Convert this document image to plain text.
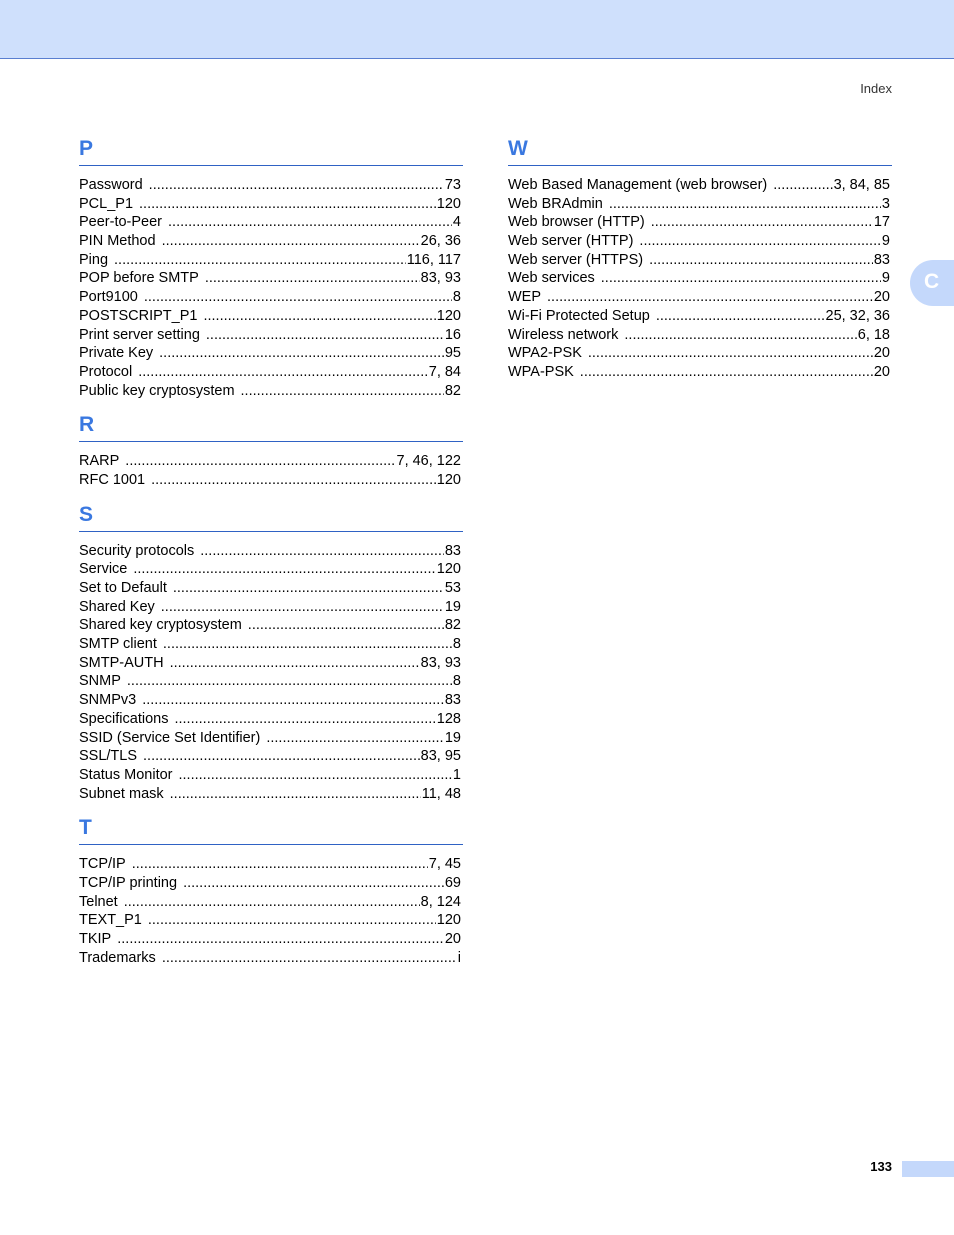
Index
C
P
Password .....	73
PCL_P1 .....	120
Peer-to-Peer .....	4
PIN Method .....	26, 36
Ping .....	116, 117
POP before SMTP .....	83, 93
Port9100 .....	8
POSTSCRIPT_P1 .....	120
Print server setting .....	16
Private Key .....	95
Protocol .....	7, 84
Public key cryptosystem .....	82
R
RARP .....	7, 46, 122
RFC 1001 .....	120
S
Security protocols .....	83
Service .....	120
Set to Default .....	53
Shared Key .....	19
Shared key cryptosystem .....	82
SMTP client .....	8
SMTP-AUTH .....	83, 93
SNMP .....	8
SNMPv3 .....	83
Specifications .....	128
SSID (Service Set Identifier) .....	19
SSL/TLS .....	83, 95
Status Monitor .....	1
Subnet mask .....	11, 48
T
TCP/IP .....	7, 45
TCP/IP printing .....	69
Telnet .....	8, 124
TEXT_P1 .....	120
TKIP .....	20
Trademarks .....	i
W
Web Based Management (web browser) .....	3, 84, 85
Web BRAdmin .....	3
Web browser (HTTP) .....	17
Web server (HTTP) .....	9
Web server (HTTPS) .....	83
Web services .....	9
WEP .....	20
Wi-Fi Protected Setup .....	25, 32, 36
Wireless network .....	6, 18
WPA2-PSK .....	20
WPA-PSK .....	20
133
